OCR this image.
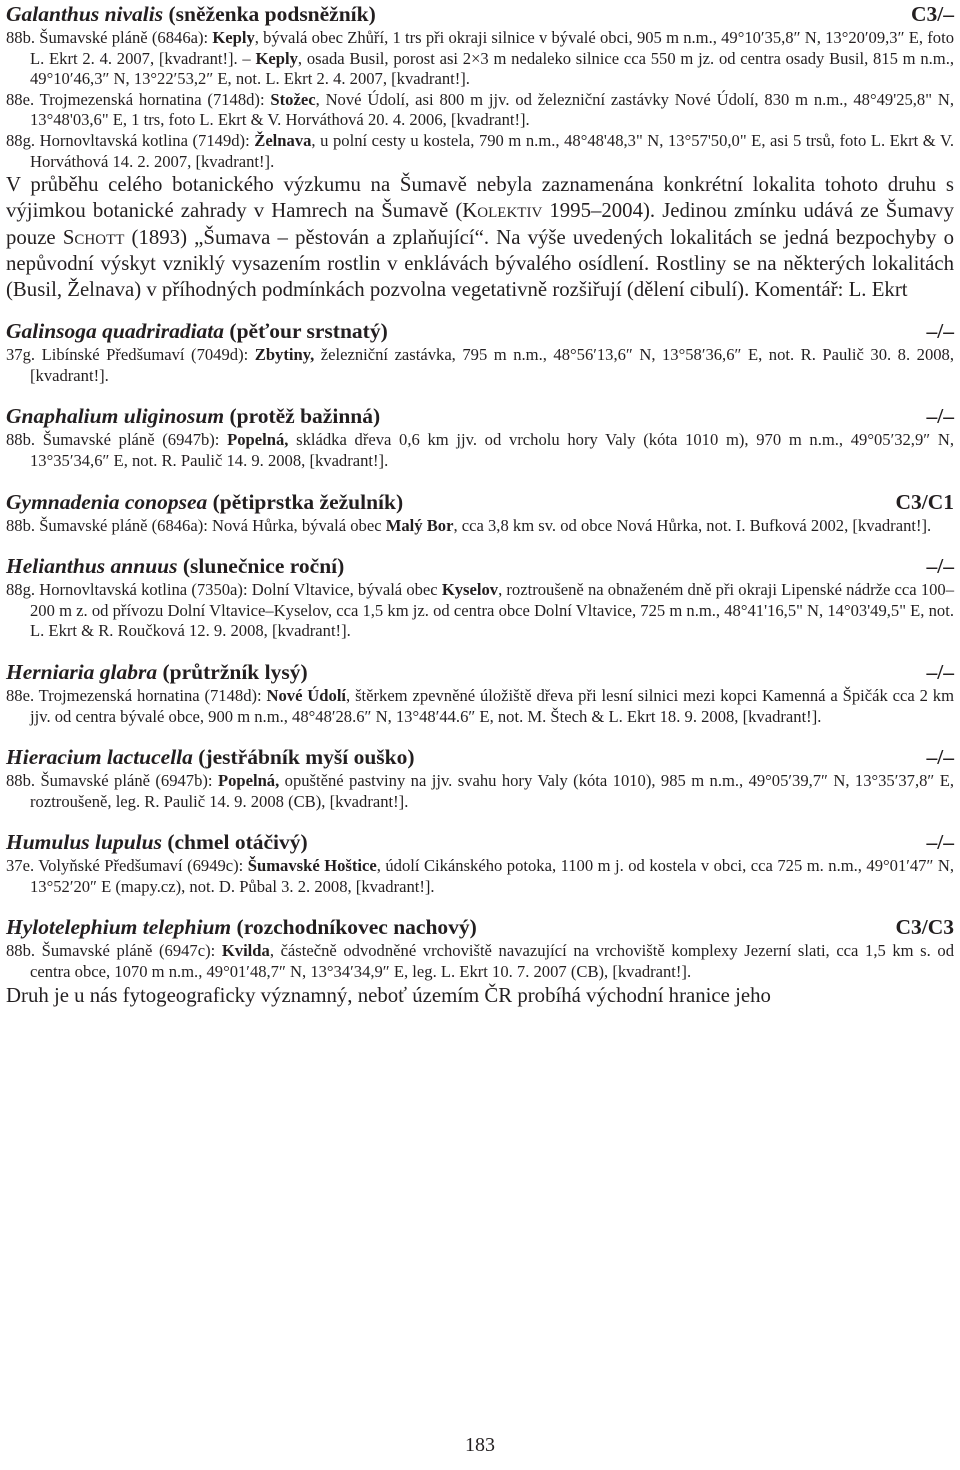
Galanthus nivalis (sněženka podsněžník)	C3/–

88b. Šumavské pláně (6846a): Keply, bývalá obec Zhůří, 1 trs při okraji silnice v bývalé obci, 905 m n.m., 49°10′35,8″ N, 13°20′09,3″ E, foto L. Ekrt 2. 4. 2007, [kvadrant!]. – Keply, osada Busil, porost asi 2×3 m nedaleko silnice cca 550 m jz. od centra osady Busil, 815 m n.m., 49°10′46,3″ N, 13°22′53,2″ E, not. L. Ekrt 2. 4. 2007, [kvadrant!].

88e. Trojmezenská hornatina (7148d): Stožec, Nové Údolí, asi 800 m jjv. od železniční zastávky Nové Údolí, 830 m n.m., 48°49'25,8" N, 13°48'03,6" E, 1 trs, foto L. Ekrt & V. Horváthová 20. 4. 2006, [kvadrant!].

88g. Hornovltavská kotlina (7149d): Želnava, u polní cesty u kostela, 790 m n.m., 48°48'48,3" N, 13°57'50,0" E, asi 5 trsů, foto L. Ekrt & V. Horváthová 14. 2. 2007, [kvadrant!].

V průběhu celého botanického výzkumu na Šumavě nebyla zaznamenána konkrétní lokalita tohoto druhu s výjimkou botanické zahrady v Hamrech na Šumavě (Kolektiv 1995–2004). Jedinou zmínku udává ze Šumavy pouze Schott (1893) „Šumava – pěstován a zplaňující“. Na výše uvedených lokalitách se jedná bezpochyby o nepůvodní výskyt vzniklý vysazením rostlin v enklávách bývalého osídlení. Rostliny se na některých lokalitách (Busil, Želnava) v příhodných podmínkách pozvolna vegetativně rozšiřují (dělení cibulí). Komentář: L. Ekrt

Galinsoga quadriradiata (pěťour srstnatý)	–/–

37g. Libínské Předšumaví (7049d): Zbytiny, železniční zastávka, 795 m n.m., 48°56′13,6″ N, 13°58′36,6″ E, not. R. Paulič 30. 8. 2008, [kvadrant!].

Gnaphalium uliginosum (protěž bažinná)	–/–

88b. Šumavské pláně (6947b): Popelná, skládka dřeva 0,6 km jjv. od vrcholu hory Valy (kóta 1010 m), 970 m n.m., 49°05′32,9″ N, 13°35′34,6″ E, not. R. Paulič 14. 9. 2008, [kvadrant!].

Gymnadenia conopsea (pětiprstka žežulník)	C3/C1

88b. Šumavské pláně (6846a): Nová Hůrka, bývalá obec Malý Bor, cca 3,8 km sv. od obce Nová Hůrka, not. I. Bufková 2002, [kvadrant!].

Helianthus annuus (slunečnice roční)	–/–

88g. Hornovltavská kotlina (7350a): Dolní Vltavice, bývalá obec Kyselov, roztroušeně na obnaženém dně při okraji Lipenské nádrže cca 100–200 m z. od přívozu Dolní Vltavice–Kyselov, cca 1,5 km jz. od centra obce Dolní Vltavice, 725 m n.m., 48°41'16,5" N, 14°03'49,5" E, not. L. Ekrt & R. Roučková 12. 9. 2008, [kvadrant!].

Herniaria glabra (průtržník lysý)	–/–

88e. Trojmezenská hornatina (7148d): Nové Údolí, štěrkem zpevněné úložiště dřeva při lesní silnici mezi kopci Kamenná a Špičák cca 2 km jjv. od centra bývalé obce, 900 m n.m., 48°48′28.6″ N, 13°48′44.6″ E, not. M. Štech & L. Ekrt 18. 9. 2008, [kvadrant!].

Hieracium lactucella (jestřábník myší ouško)	–/–

88b. Šumavské pláně (6947b): Popelná, opuštěné pastviny na jjv. svahu hory Valy (kóta 1010), 985 m n.m., 49°05′39,7″ N, 13°35′37,8″ E, roztroušeně, leg. R. Paulič 14. 9. 2008 (CB), [kvadrant!].

Humulus lupulus (chmel otáčivý)	–/–

37e. Volyňské Předšumaví (6949c): Šumavské Hoštice, údolí Cikánského potoka, 1100 m j. od kostela v obci, cca 725 m. n.m., 49°01′47″ N, 13°52′20″ E (mapy.cz), not. D. Půbal 3. 2. 2008, [kvadrant!].

Hylotelephium telephium (rozchodníkovec nachový)	C3/C3

88b. Šumavské pláně (6947c): Kvilda, částečně odvodněné vrchoviště navazující na vrchoviště komplexy Jezerní slati, cca 1,5 km s. od centra obce, 1070 m n.m., 49°01′48,7″ N, 13°34′34,9″ E, leg. L. Ekrt 10. 7. 2007 (CB), [kvadrant!].

Druh je u nás fytogeograficky významný, neboť územím ČR probíhá východní hranice jeho

183
